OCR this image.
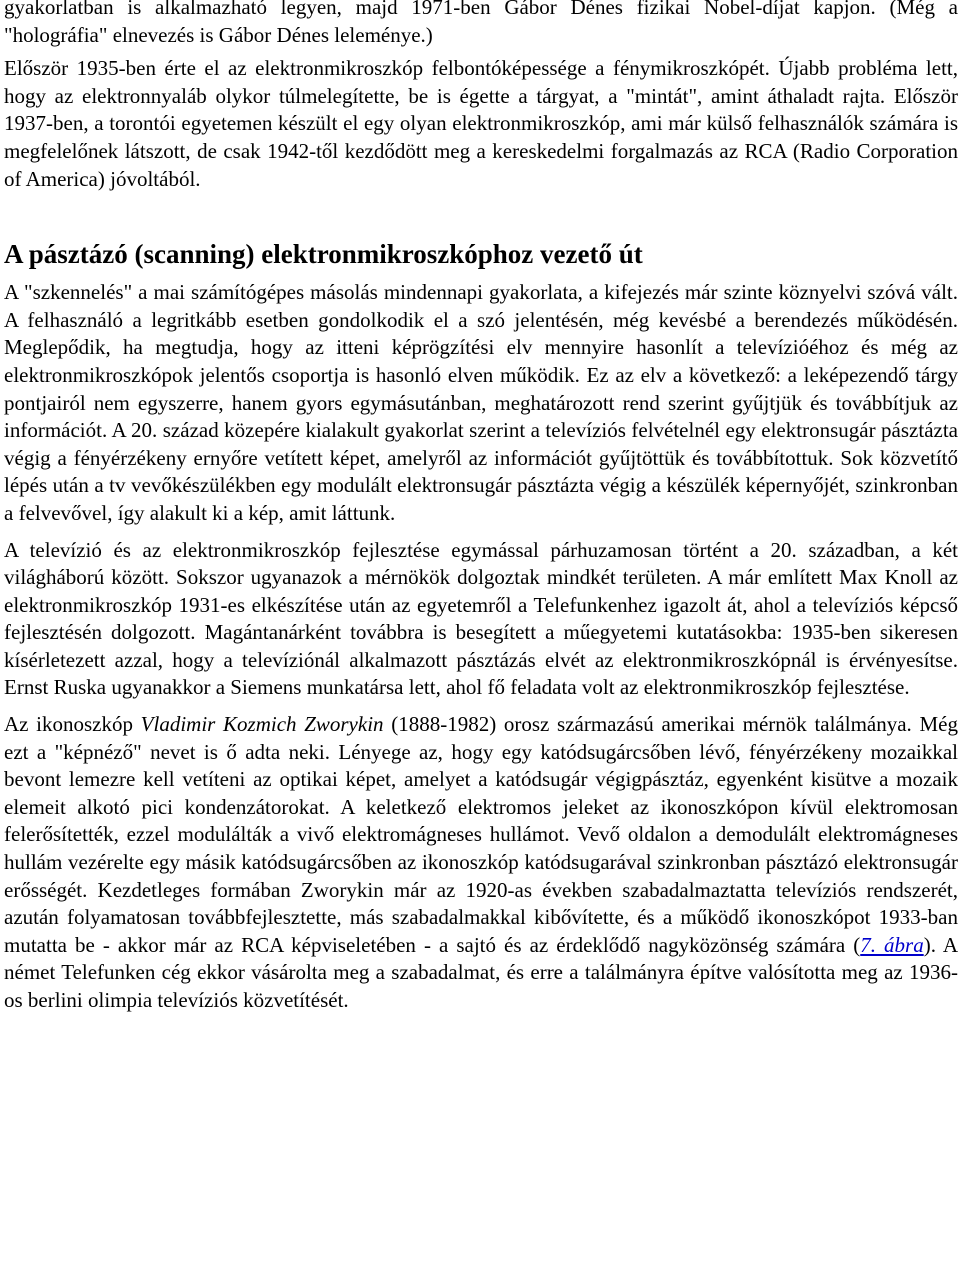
gyakorlatban is alkalmazható legyen, majd 1971-ben Gábor Dénes fizikai Nobel-díjat kapjon. (Még a "holográfia" elnevezés is Gábor Dénes leleménye.)

Először 1935-ben érte el az elektronmikroszkóp felbontóképessége a fénymikroszkópét. Újabb probléma lett, hogy az elektronnyaláb olykor túlmelegítette, be is égette a tárgyat, a "mintát", amint áthaladt rajta. Először 1937-ben, a torontói egyetemen készült el egy olyan elektronmikroszkóp, ami már külső felhasználók számára is megfelelőnek látszott, de csak 1942-től kezdődött meg a kereskedelmi forgalmazás az RCA (Radio Corporation of America) jóvoltából.

A pásztázó (scanning) elektronmikroszkóphoz vezető út

A "szkennelés" a mai számítógépes másolás mindennapi gyakorlata, a kifejezés már szinte köznyelvi szóvá vált. A felhasználó a legritkább esetben gondolkodik el a szó jelentésén, még kevésbé a berendezés működésén. Meglepődik, ha megtudja, hogy az itteni képrögzítési elv mennyire hasonlít a televízióéhoz és még az elektronmikroszkópok jelentős csoportja is hasonló elven működik. Ez az elv a következő: a leképezendő tárgy pontjairól nem egyszerre, hanem gyors egymásutánban, meghatározott rend szerint gyűjtjük és továbbítjuk az információt. A 20. század közepére kialakult gyakorlat szerint a televíziós felvételnél egy elektronsugár pásztázta végig a fényérzékeny ernyőre vetített képet, amelyről az információt gyűjtöttük és továbbítottuk. Sok közvetítő lépés után a tv vevőkészülékben egy modulált elektronsugár pásztázta végig a készülék képernyőjét, szinkronban a felvevővel, így alakult ki a kép, amit láttunk.

A televízió és az elektronmikroszkóp fejlesztése egymással párhuzamosan történt a 20. században, a két világháború között. Sokszor ugyanazok a mérnökök dolgoztak mindkét területen. A már említett Max Knoll az elektronmikroszkóp 1931-es elkészítése után az egyetemről a Telefunkenhez igazolt át, ahol a televíziós képcső fejlesztésén dolgozott. Magántanárként továbbra is besegített a műegyetemi kutatásokba: 1935-ben sikeresen kísérletezett azzal, hogy a televíziónál alkalmazott pásztázás elvét az elektronmikroszkópnál is érvényesítse. Ernst Ruska ugyanakkor a Siemens munkatársa lett, ahol fő feladata volt az elektronmikroszkóp fejlesztése.

Az ikonoszkóp Vladimir Kozmich Zworykin (1888-1982) orosz származású amerikai mérnök találmánya. Még ezt a "képnéző" nevet is ő adta neki. Lényege az, hogy egy katódsugárcsőben lévő, fényérzékeny mozaikkal bevont lemezre kell vetíteni az optikai képet, amelyet a katódsugár végigpásztáz, egyenként kisütve a mozaik elemeit alkotó pici kondenzátorokat. A keletkező elektromos jeleket az ikonoszkópon kívül elektromosan felerősítették, ezzel modulálták a vivő elektromágneses hullámot. Vevő oldalon a demodulált elektromágneses hullám vezérelte egy másik katódsugárcsőben az ikonoszkóp katódsugarával szinkronban pásztázó elektronsugár erősségét. Kezdetleges formában Zworykin már az 1920-as években szabadalmaztatta televíziós rendszerét, azután folyamatosan továbbfejlesztette, más szabadalmakkal kibővítette, és a működő ikonoszkópot 1933-ban mutatta be - akkor már az RCA képviseletében - a sajtó és az érdeklődő nagyközönség számára (7. ábra). A német Telefunken cég ekkor vásárolta meg a szabadalmat, és erre a találmányra építve valósította meg az 1936-os berlini olimpia televíziós közvetítését.
